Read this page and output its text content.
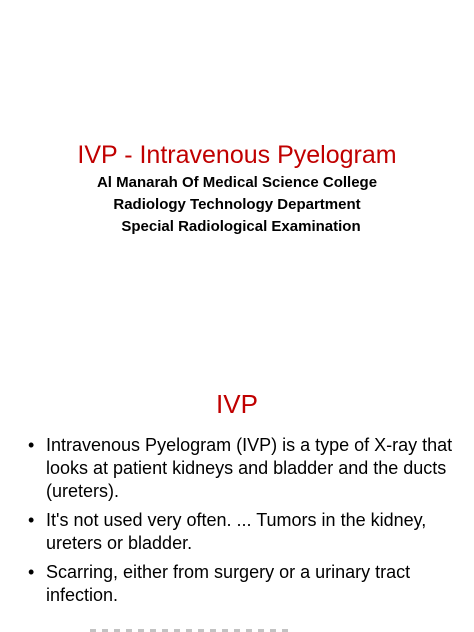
IVP - Intravenous Pyelogram
Al Manarah Of Medical Science College
Radiology Technology Department
Special Radiological Examination
IVP
• Intravenous Pyelogram (IVP) is a type of X-ray that looks at patient kidneys and bladder and the ducts (ureters).
• It's not used very often. ... Tumors in the kidney, ureters or bladder.
• Scarring, either from surgery or a urinary tract infection.
